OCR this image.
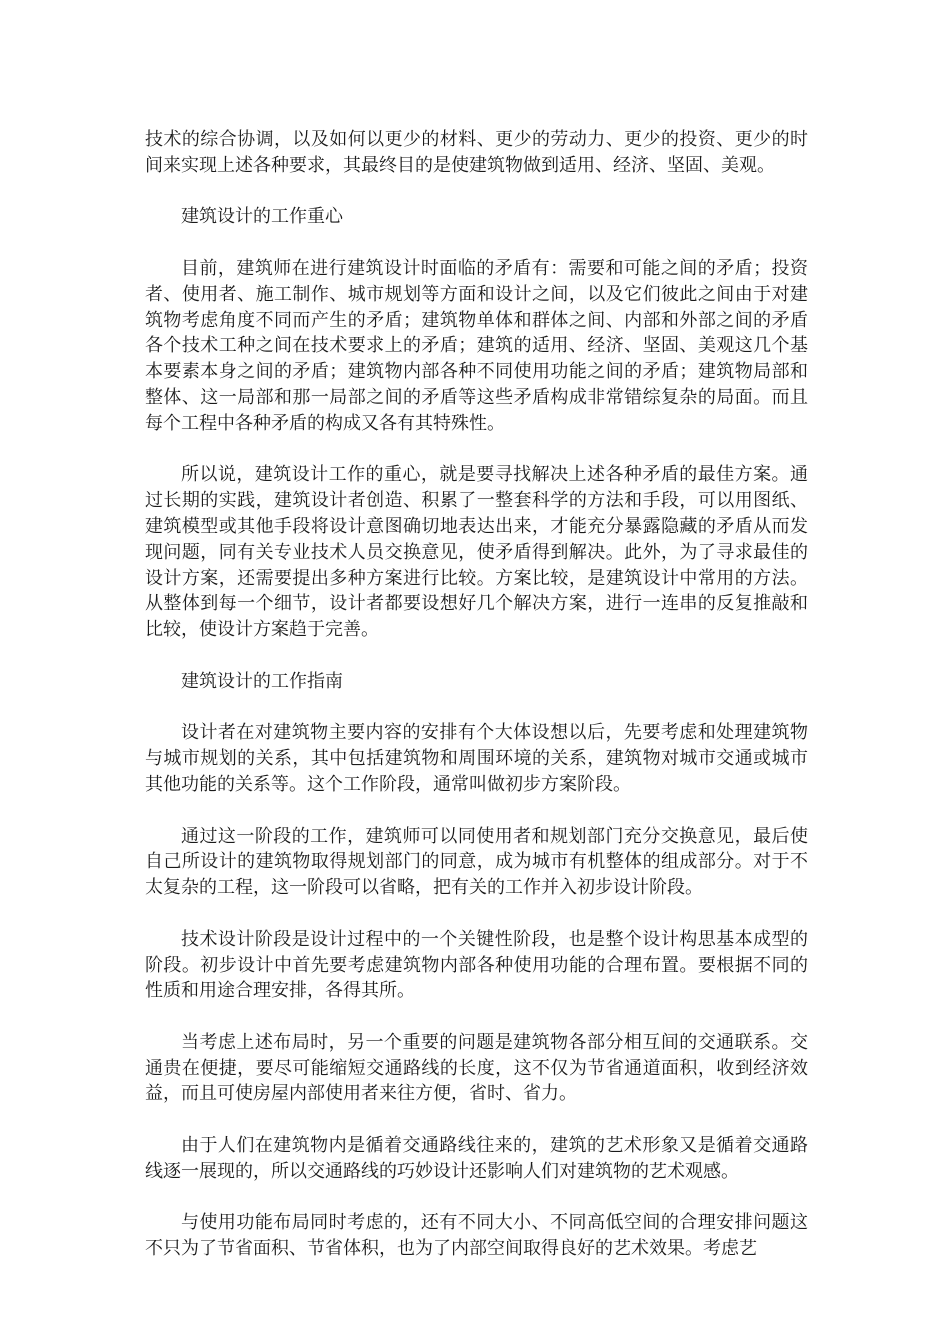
技术的综合协调，以及如何以更少的材料、更少的劳动力、更少的投资、更少的时间来实现上述各种要求，其最终目的是使建筑物做到适用、经济、坚固、美观。

建筑设计的工作重心

目前，建筑师在进行建筑设计时面临的矛盾有：需要和可能之间的矛盾；投资者、使用者、施工制作、城市规划等方面和设计之间，以及它们彼此之间由于对建筑物考虑角度不同而产生的矛盾；建筑物单体和群体之间、内部和外部之间的矛盾各个技术工种之间在技术要求上的矛盾；建筑的适用、经济、坚固、美观这几个基本要素本身之间的矛盾；建筑物内部各种不同使用功能之间的矛盾；建筑物局部和整体、这一局部和那一局部之间的矛盾等这些矛盾构成非常错综复杂的局面。而且每个工程中各种矛盾的构成又各有其特殊性。

所以说，建筑设计工作的重心，就是要寻找解决上述各种矛盾的最佳方案。通过长期的实践，建筑设计者创造、积累了一整套科学的方法和手段，可以用图纸、建筑模型或其他手段将设计意图确切地表达出来，才能充分暴露隐藏的矛盾从而发现问题，同有关专业技术人员交换意见，使矛盾得到解决。此外，为了寻求最佳的设计方案，还需要提出多种方案进行比较。方案比较，是建筑设计中常用的方法。从整体到每一个细节，设计者都要设想好几个解决方案，进行一连串的反复推敲和比较，使设计方案趋于完善。

建筑设计的工作指南

设计者在对建筑物主要内容的安排有个大体设想以后，先要考虑和处理建筑物与城市规划的关系，其中包括建筑物和周围环境的关系，建筑物对城市交通或城市其他功能的关系等。这个工作阶段，通常叫做初步方案阶段。

通过这一阶段的工作，建筑师可以同使用者和规划部门充分交换意见，最后使自己所设计的建筑物取得规划部门的同意，成为城市有机整体的组成部分。对于不太复杂的工程，这一阶段可以省略，把有关的工作并入初步设计阶段。

技术设计阶段是设计过程中的一个关键性阶段，也是整个设计构思基本成型的阶段。初步设计中首先要考虑建筑物内部各种使用功能的合理布置。要根据不同的性质和用途合理安排，各得其所。

当考虑上述布局时，另一个重要的问题是建筑物各部分相互间的交通联系。交通贵在便捷，要尽可能缩短交通路线的长度，这不仅为节省通道面积，收到经济效益，而且可使房屋内部使用者来往方便，省时、省力。

由于人们在建筑物内是循着交通路线往来的，建筑的艺术形象又是循着交通路线逐一展现的，所以交通路线的巧妙设计还影响人们对建筑物的艺术观感。

与使用功能布局同时考虑的，还有不同大小、不同高低空间的合理安排问题这不只为了节省面积、节省体积，也为了内部空间取得良好的艺术效果。考虑艺
